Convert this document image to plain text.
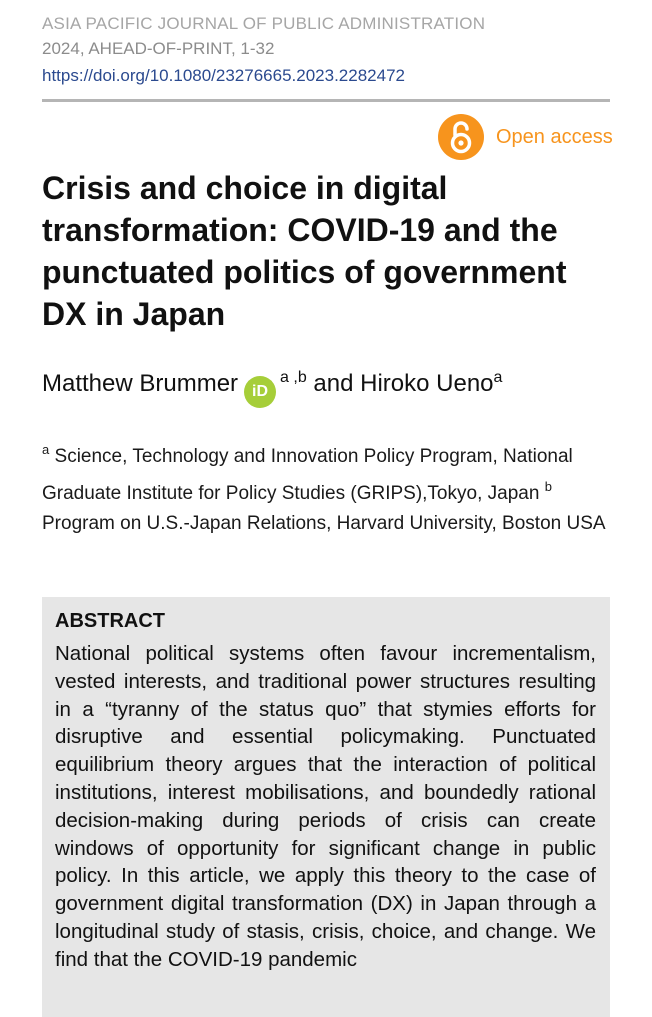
ASIA PACIFIC JOURNAL OF PUBLIC ADMINISTRATION
2024, AHEAD-OF-PRINT, 1-32
https://doi.org/10.1080/23276665.2023.2282472
Open access
Crisis and choice in digital transformation: COVID-19 and the punctuated politics of government DX in Japan
Matthew Brummer iD$^{a ,b}$ and Hiroko Ueno$^a$
$^a$ Science, Technology and Innovation Policy Program, National Graduate Institute for Policy Studies (GRIPS),Tokyo, Japan $^b$ Program on U.S.-Japan Relations, Harvard University, Boston USA
ABSTRACT

National political systems often favour incrementalism, vested interests, and traditional power structures resulting in a “tyranny of the status quo” that stymies efforts for disruptive and essential policymaking. Punctuated equilibrium theory argues that the interaction of political institutions, interest mobilisations, and boundedly rational decision-making during periods of crisis can create windows of opportunity for significant change in public policy. In this article, we apply this theory to the case of government digital transformation (DX) in Japan through a longitudinal study of stasis, crisis, choice, and change. We find that the COVID-19 pandemic
